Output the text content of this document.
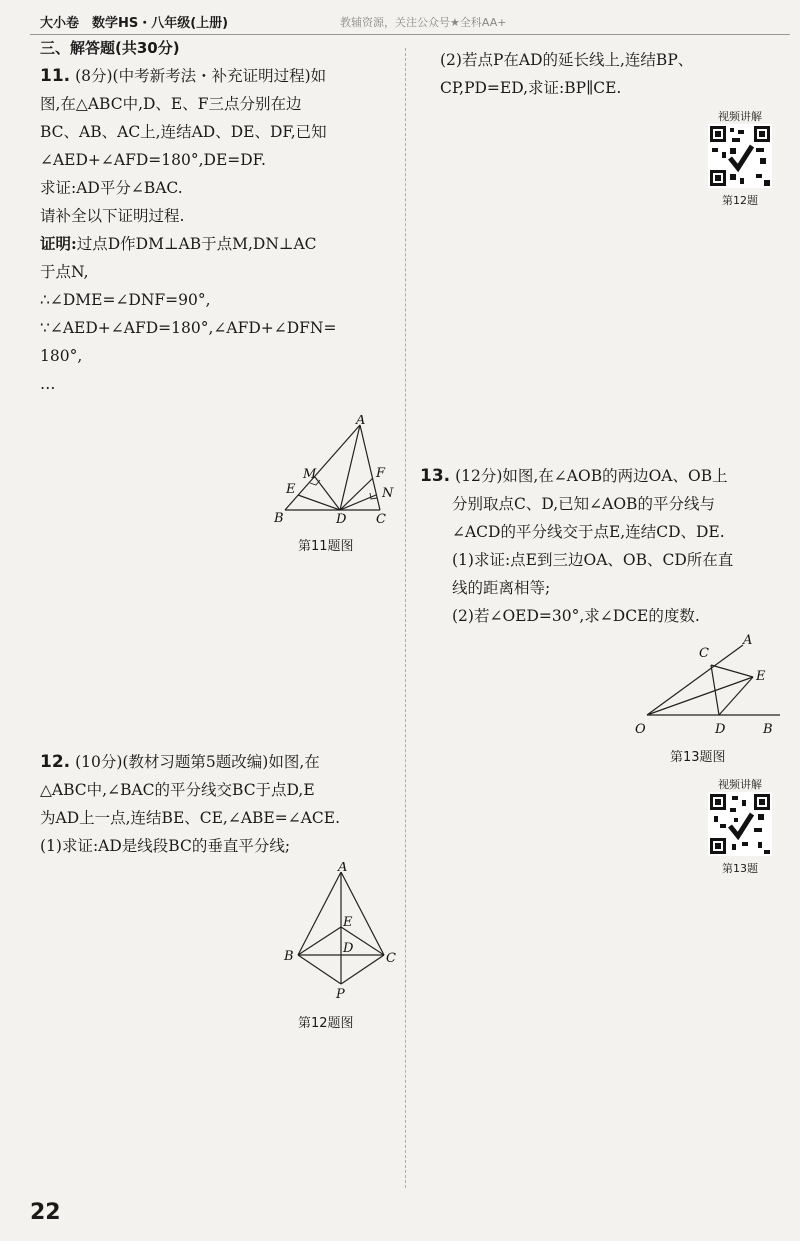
大小卷　数学HS・八年级(上册)	教辅资源，关注公众号★全科AA+
三、解答题(共30分)
11. (8分)(中考新考法・补充证明过程)如
图,在△ABC中,D、E、F三点分别在边
BC、AB、AC上,连结AD、DE、DF,已知
∠AED+∠AFD=180°,DE=DF.
求证:AD平分∠BAC.
请补全以下证明过程.
证明:过点D作DM⊥AB于点M,DN⊥AC
于点N,
∴∠DME=∠DNF=90°,
∵∠AED+∠AFD=180°,∠AFD+∠DFN=
180°,
…
A
B	C
D
E
F
M
N
第11题图
12. (10分)(教材习题第5题改编)如图,在
△ABC中,∠BAC的平分线交BC于点D,E
为AD上一点,连结BE、CE,∠ABE=∠ACE.
(1)求证:AD是线段BC的垂直平分线;
A
B	C
D
E
P
第12题图
(2)若点P在AD的延长线上,连结BP、
CP,PD=ED,求证:BP∥CE.
视频讲解
第12题
13. (12分)如图,在∠AOB的两边OA、OB上
分别取点C、D,已知∠AOB的平分线与
∠ACD的平分线交于点E,连结CD、DE.
(1)求证:点E到三边OA、OB、CD所在直
线的距离相等;
(2)若∠OED=30°,求∠DCE的度数.
O
A
C
D
E
B
第13题图
视频讲解
第13题
22
